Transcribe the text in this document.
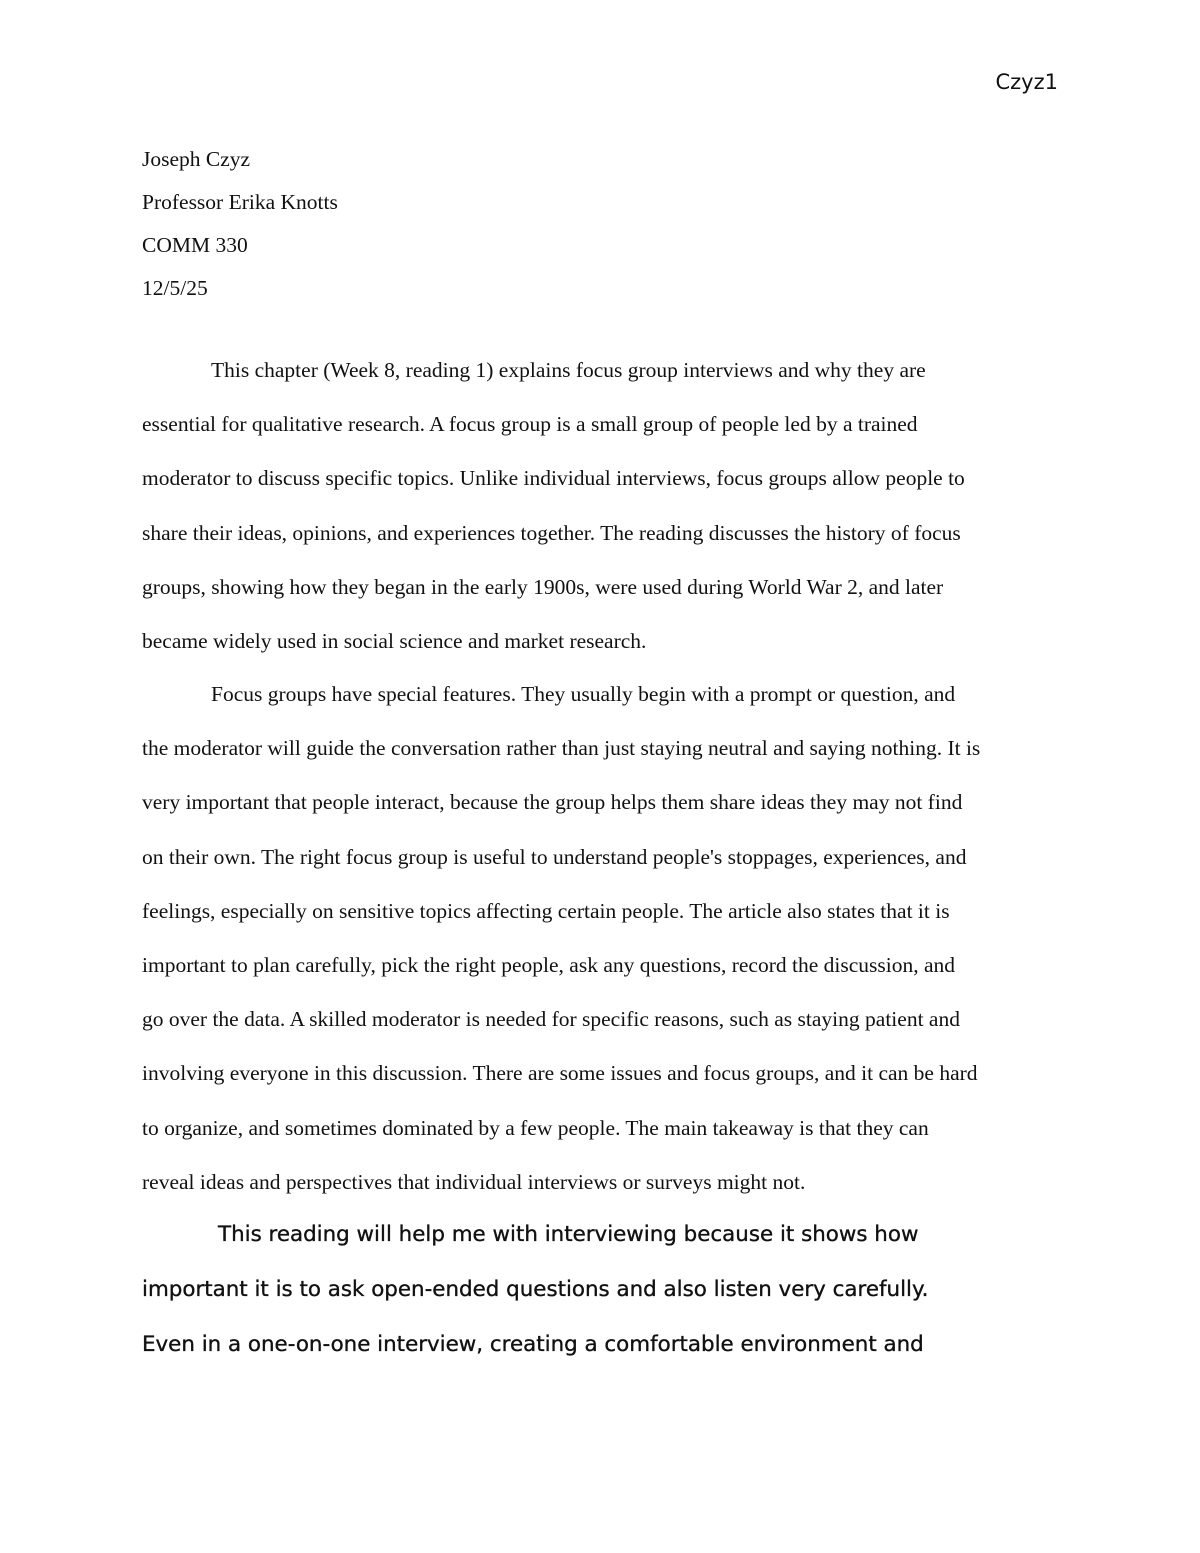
Czyz1
Joseph Czyz
Professor Erika Knotts
COMM 330
12/5/25
This chapter (Week 8, reading 1) explains focus group interviews and why they are
essential for qualitative research. A focus group is a small group of people led by a trained
moderator to discuss specific topics. Unlike individual interviews, focus groups allow people to
share their ideas, opinions, and experiences together. The reading discusses the history of focus
groups, showing how they began in the early 1900s, were used during World War 2, and later
became widely used in social science and market research.
Focus groups have special features. They usually begin with a prompt or question, and
the moderator will guide the conversation rather than just staying neutral and saying nothing. It is
very important that people interact, because the group helps them share ideas they may not find
on their own. The right focus group is useful to understand people's stoppages, experiences, and
feelings, especially on sensitive topics affecting certain people. The article also states that it is
important to plan carefully, pick the right people, ask any questions, record the discussion, and
go over the data. A skilled moderator is needed for specific reasons, such as staying patient and
involving everyone in this discussion. There are some issues and focus groups, and it can be hard
to organize, and sometimes dominated by a few people. The main takeaway is that they can
reveal ideas and perspectives that individual interviews or surveys might not.
This reading will help me with interviewing because it shows how
important it is to ask open-ended questions and also listen very carefully.
Even in a one-on-one interview, creating a comfortable environment and
